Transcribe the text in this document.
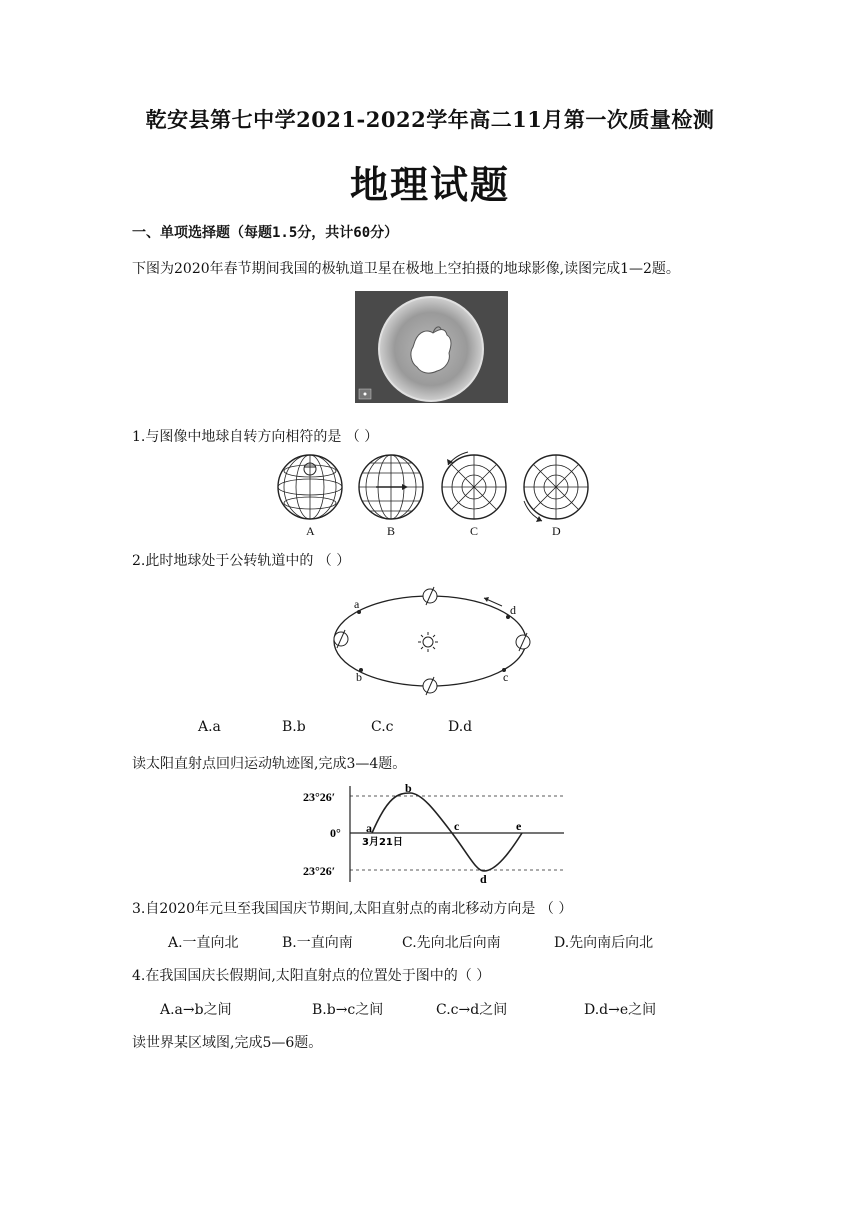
乾安县第七中学2021-2022学年高二11月第一次质量检测
地理试题
一、单项选择题（每题1.5分，共计60分）
下图为2020年春节期间我国的极轨道卫星在极地上空拍摄的地球影像,读图完成1—2题。
1.与图像中地球自转方向相符的是 （ ）
A	B	C	D
2.此时地球处于公转轨道中的 （ ）
a
b	c
d
A.a	B.b	C.c	D.d
读太阳直射点回归运动轨迹图,完成3—4题。
23°26′
0°
23°26′
3月21日
a
b
c
d
e
3.自2020年元旦至我国国庆节期间,太阳直射点的南北移动方向是 （ ）
A.一直向北	B.一直向南	C.先向北后向南	D.先向南后向北
4.在我国国庆长假期间,太阳直射点的位置处于图中的（ ）
A.a→b之间	B.b→c之间	C.c→d之间	D.d→e之间
读世界某区域图,完成5—6题。
